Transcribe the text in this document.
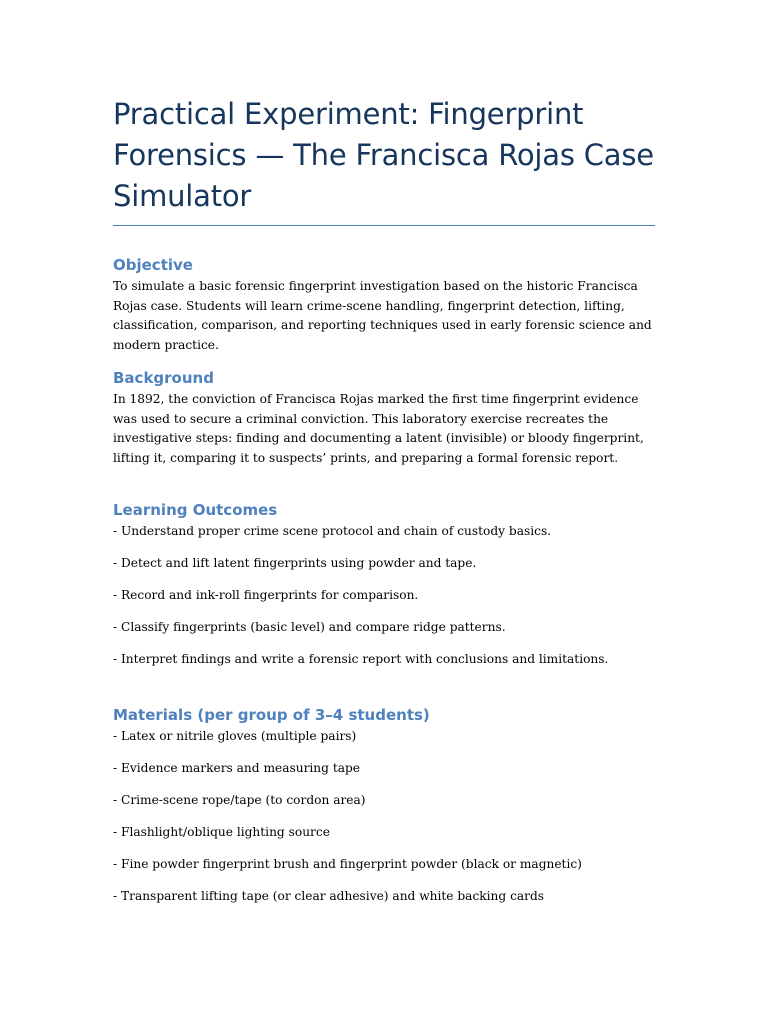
Practical Experiment: Fingerprint Forensics — The Francisca Rojas Case Simulator
Objective

To simulate a basic forensic fingerprint investigation based on the historic Francisca Rojas case. Students will learn crime-scene handling, fingerprint detection, lifting, classification, comparison, and reporting techniques used in early forensic science and modern practice.

Background

In 1892, the conviction of Francisca Rojas marked the first time fingerprint evidence was used to secure a criminal conviction. This laboratory exercise recreates the investigative steps: finding and documenting a latent (invisible) or bloody fingerprint, lifting it, comparing it to suspects’ prints, and preparing a formal forensic report.

Learning Outcomes

- Understand proper crime scene protocol and chain of custody basics.

- Detect and lift latent fingerprints using powder and tape.

- Record and ink-roll fingerprints for comparison.

- Classify fingerprints (basic level) and compare ridge patterns.

- Interpret findings and write a forensic report with conclusions and limitations.

Materials (per group of 3–4 students)

- Latex or nitrile gloves (multiple pairs)

- Evidence markers and measuring tape

- Crime-scene rope/tape (to cordon area)

- Flashlight/oblique lighting source

- Fine powder fingerprint brush and fingerprint powder (black or magnetic)

- Transparent lifting tape (or clear adhesive) and white backing cards
